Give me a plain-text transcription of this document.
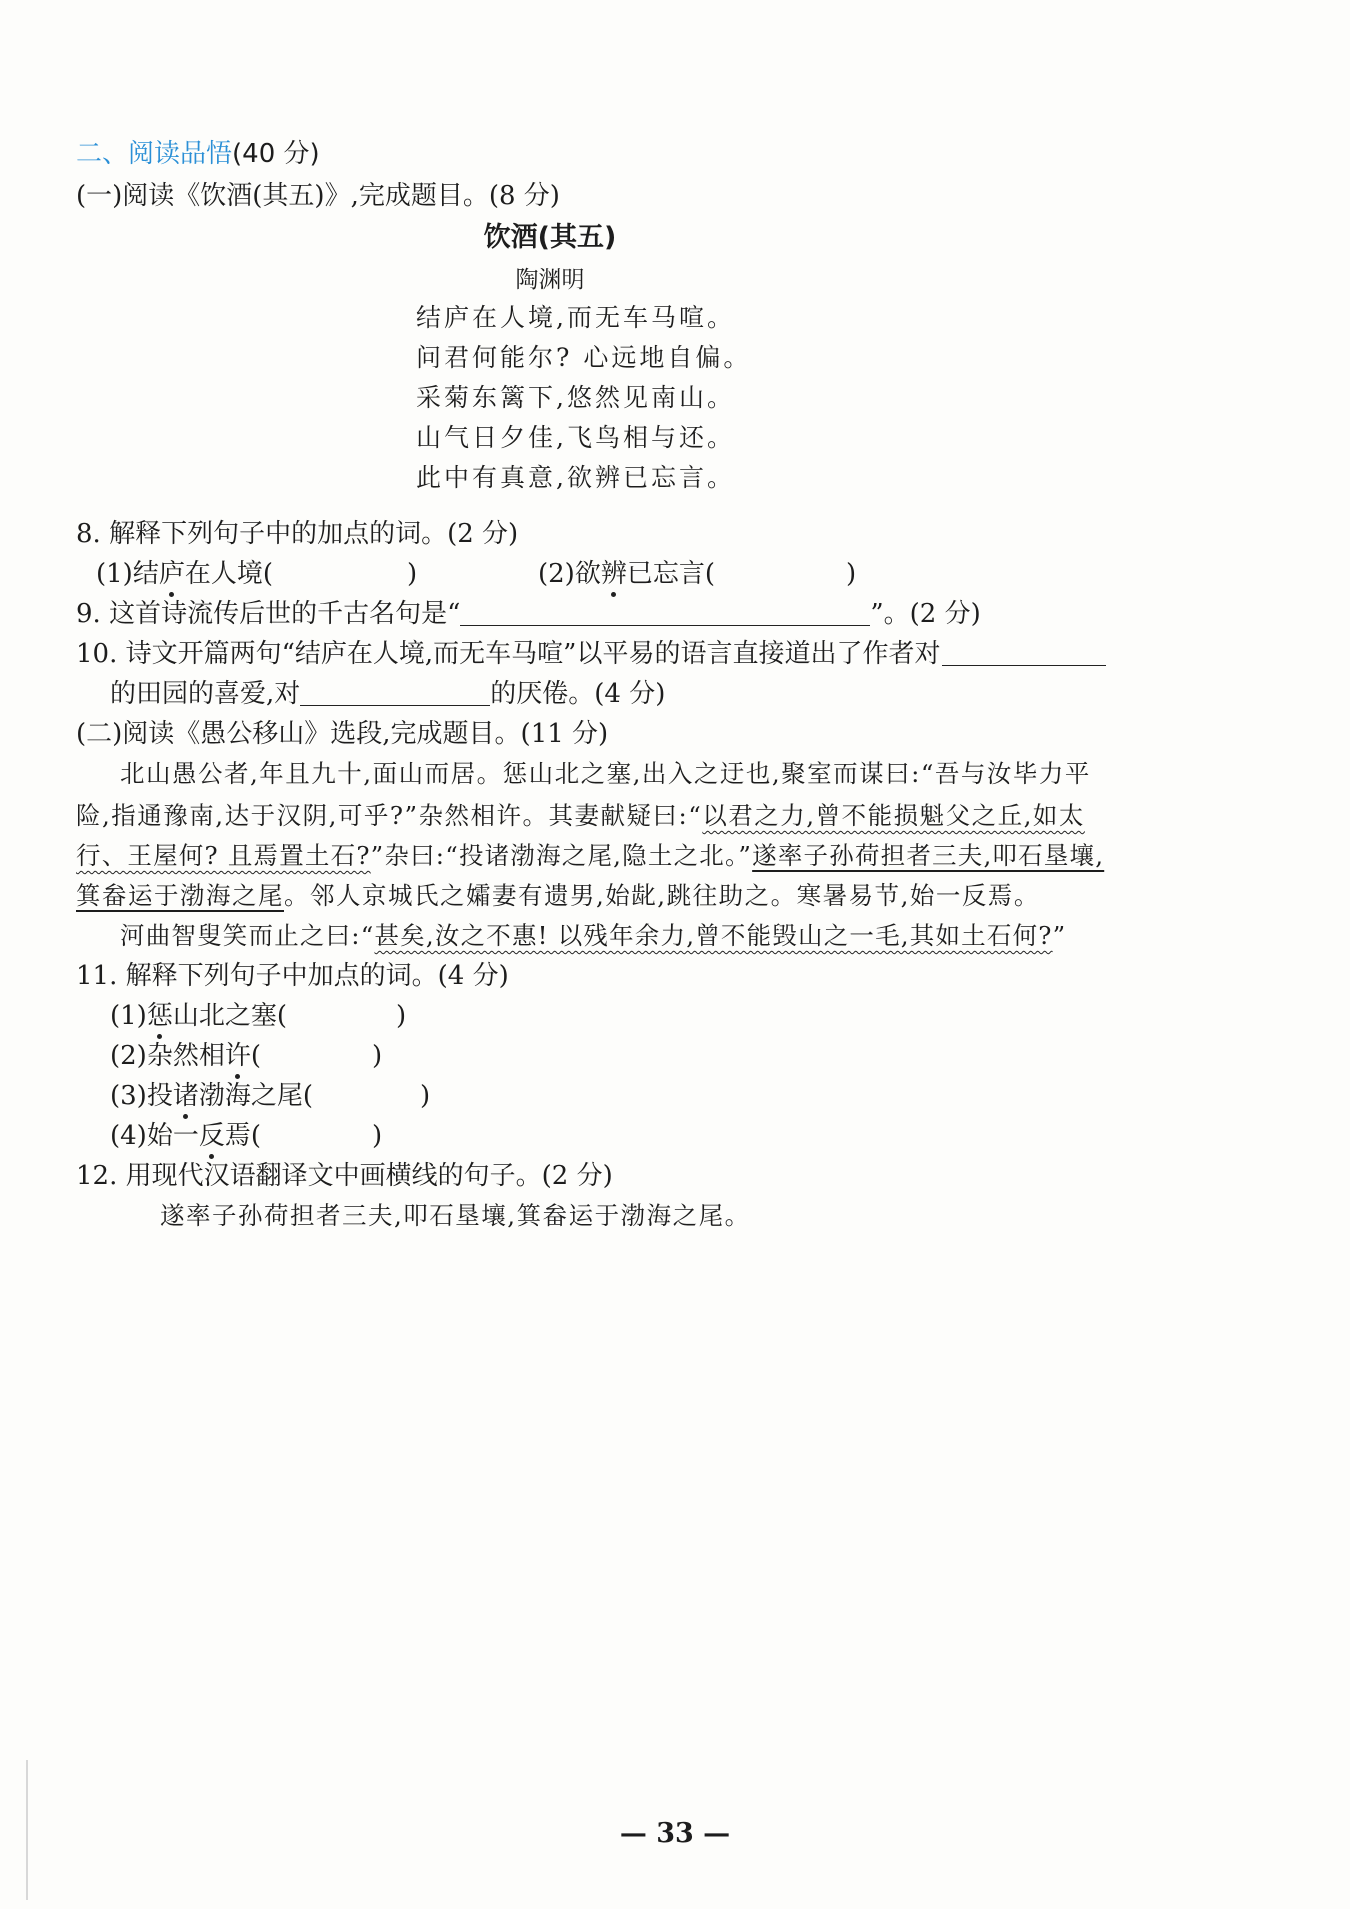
二、阅读品悟(40 分)
(一)阅读《饮酒(其五)》,完成题目。(8 分)
饮酒(其五)
陶渊明
结庐在人境,而无车马喧。
问君何能尔? 心远地自偏。
采菊东篱下,悠然见南山。
山气日夕佳,飞鸟相与还。
此中有真意,欲辨已忘言。
8. 解释下列句子中的加点的词。(2 分)
(1)结庐在人境(	)	(2)欲辨已忘言(	)
9. 这首诗流传后世的千古名句是“	”。(2 分)
10. 诗文开篇两句“结庐在人境,而无车马喧”以平易的语言直接道出了作者对
的田园的喜爱,对	的厌倦。(4 分)
(二)阅读《愚公移山》选段,完成题目。(11 分)
北山愚公者,年且九十,面山而居。惩山北之塞,出入之迂也,聚室而谋曰:“吾与汝毕力平
险,指通豫南,达于汉阴,可乎?”杂然相许。其妻献疑曰:“以君之力,曾不能损魁父之丘,如太
行、王屋何? 且焉置土石?”杂曰:“投诸渤海之尾,隐土之北。”遂率子孙荷担者三夫,叩石垦壤,
箕畚运于渤海之尾。邻人京城氏之孀妻有遗男,始龀,跳往助之。寒暑易节,始一反焉。
河曲智叟笑而止之曰:“甚矣,汝之不惠! 以残年余力,曾不能毁山之一毛,其如土石何?”
11. 解释下列句子中加点的词。(4 分)
(1)惩山北之塞(	)
(2)杂然相许(	)
(3)投诸渤海之尾(	)
(4)始一反焉(	)
12. 用现代汉语翻译文中画横线的句子。(2 分)
遂率子孙荷担者三夫,叩石垦壤,箕畚运于渤海之尾。
— 33 —
